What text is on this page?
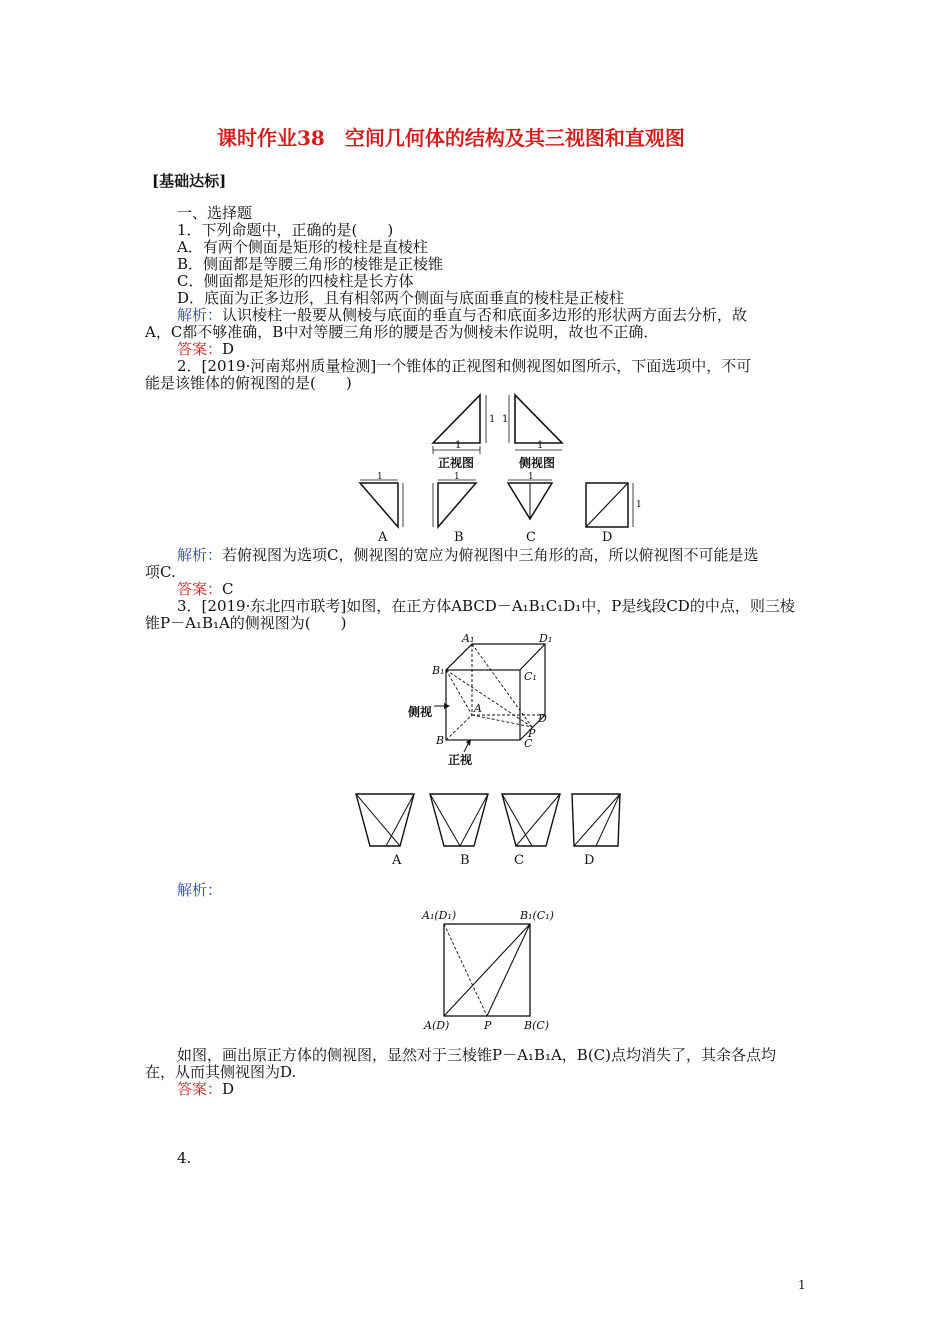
课时作业38　空间几何体的结构及其三视图和直观图
[基础达标]
一、选择题
1．下列命题中，正确的是(　　)
A．有两个侧面是矩形的棱柱是直棱柱
B．侧面都是等腰三角形的棱锥是正棱锥
C．侧面都是矩形的四棱柱是长方体
D．底面为正多边形，且有相邻两个侧面与底面垂直的棱柱是正棱柱
解析：认识棱柱一般要从侧棱与底面的垂直与否和底面多边形的形状两方面去分析，故
A，C都不够准确，B中对等腰三角形的腰是否为侧棱未作说明，故也不正确．
答案：D
2．[2019·河南郑州质量检测]一个锥体的正视图和侧视图如图所示，下面选项中，不可
能是该锥体的俯视图的是(　　)
1
1
正视图
1
1
侧视图
1
A
1
B
1
C
1
D
解析：若俯视图为选项C，侧视图的宽应为俯视图中三角形的高，所以俯视图不可能是选
项C.
答案：C
3．[2019·东北四市联考]如图，在正方体ABCD－A₁B₁C₁D₁中，P是线段CD的中点，则三棱
锥P－A₁B₁A的侧视图为(　　)
A₁	D₁
B₁	C₁
A
D
B
P
C
侧视
正视
A	B	C	D
解析：
A₁(D₁)	B₁(C₁)
A(D)	P	B(C)
如图，画出原正方体的侧视图，显然对于三棱锥P－A₁B₁A，B(C)点均消失了，其余各点均
在，从而其侧视图为D.
答案：D
4.
1
